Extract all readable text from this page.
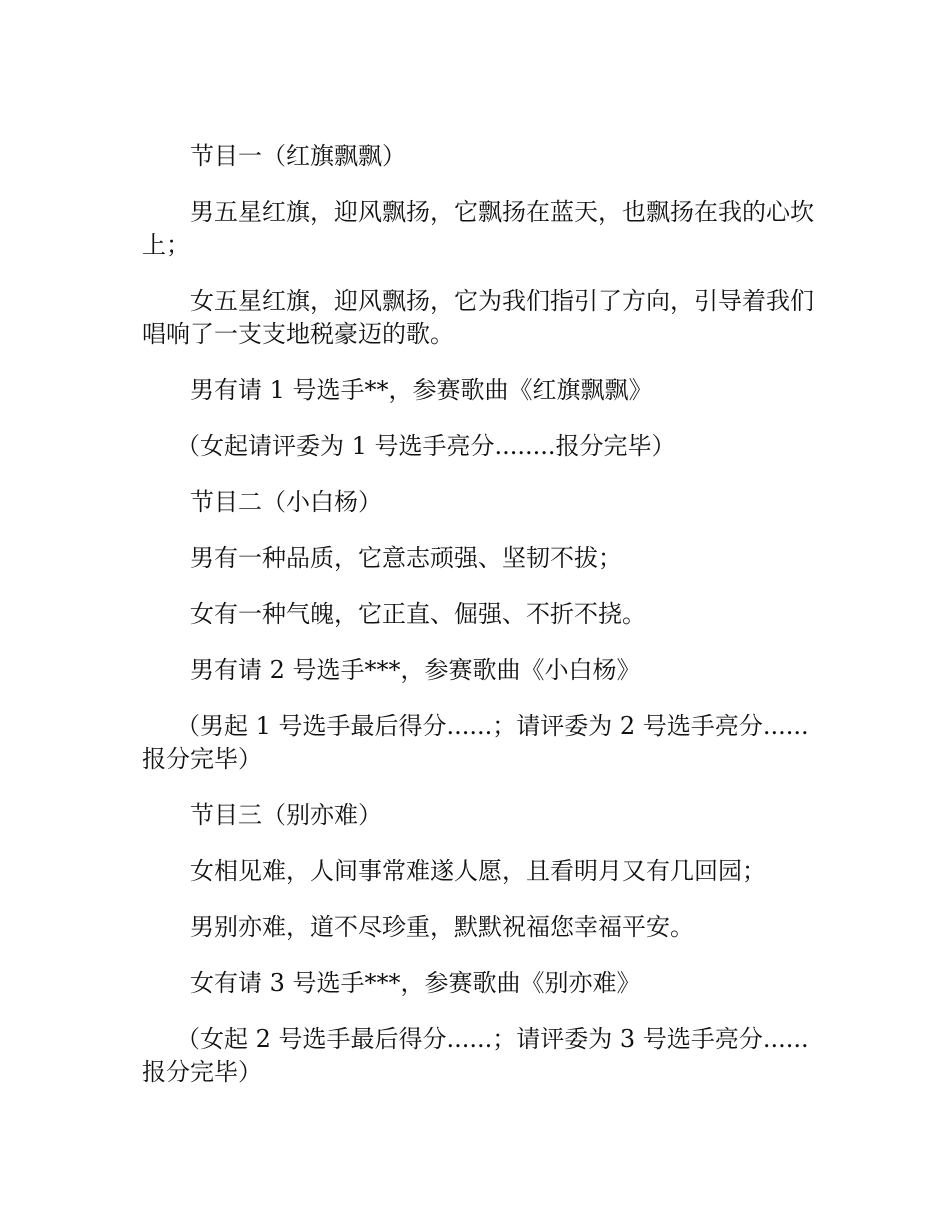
节目一（红旗飘飘）

男五星红旗，迎风飘扬，它飘扬在蓝天，也飘扬在我的心坎上；

女五星红旗，迎风飘扬，它为我们指引了方向，引导着我们唱响了一支支地税豪迈的歌。

男有请 1 号选手**，参赛歌曲《红旗飘飘》

（女起请评委为 1 号选手亮分........报分完毕）

节目二（小白杨）

男有一种品质，它意志顽强、坚韧不拔；

女有一种气魄，它正直、倔强、不折不挠。

男有请 2 号选手***，参赛歌曲《小白杨》

（男起 1 号选手最后得分......；请评委为 2 号选手亮分......报分完毕）

节目三（别亦难）

女相见难，人间事常难遂人愿，且看明月又有几回园；

男别亦难，道不尽珍重，默默祝福您幸福平安。

女有请 3 号选手***，参赛歌曲《别亦难》

（女起 2 号选手最后得分......；请评委为 3 号选手亮分......报分完毕）
